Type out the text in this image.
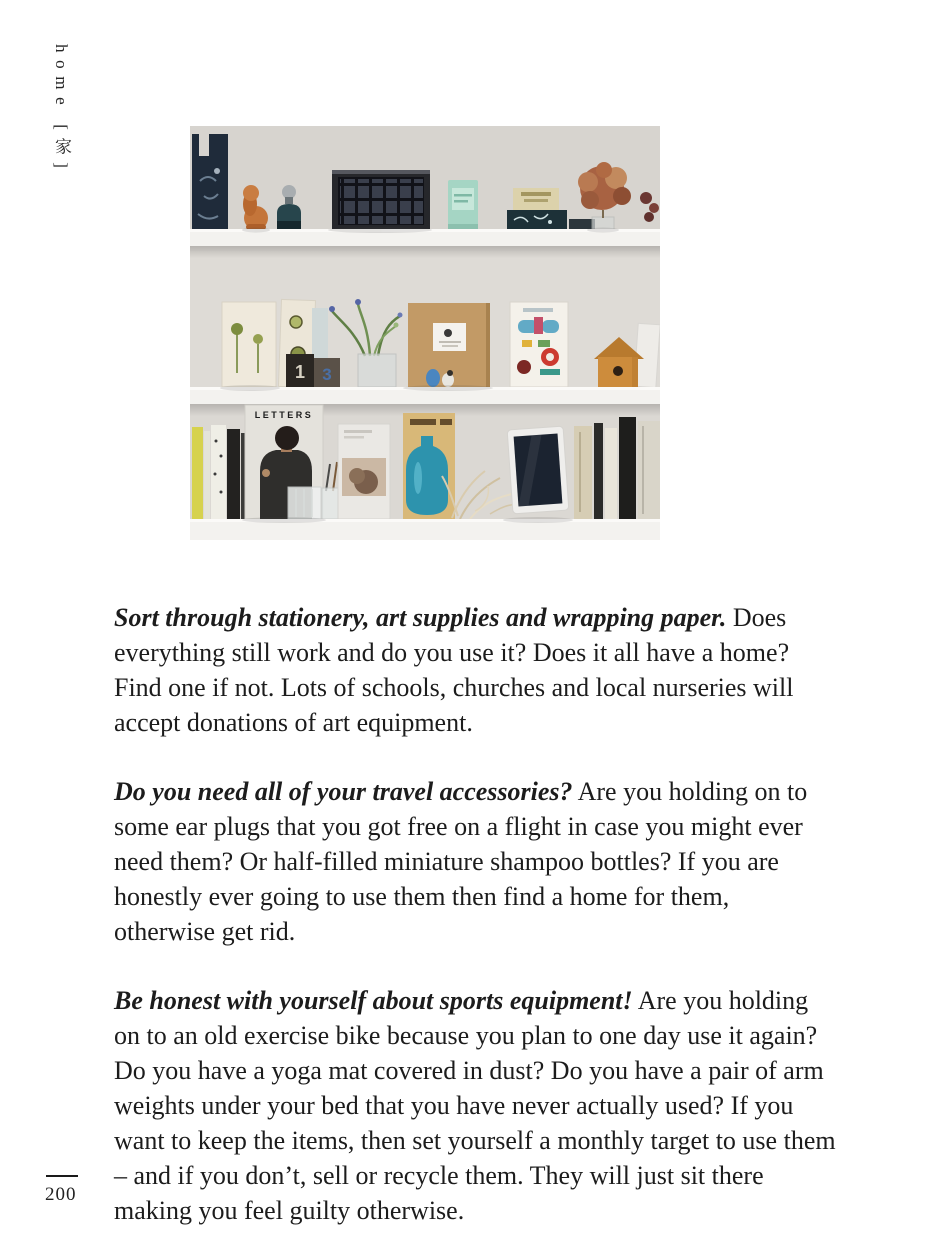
home [家]
1 3
LETTERS

Sort through stationery, art supplies and wrapping paper. Does everything still work and do you use it? Does it all have a home? Find one if not. Lots of schools, churches and local nurseries will accept donations of art equipment.

Do you need all of your travel accessories? Are you holding on to some ear plugs that you got free on a flight in case you might ever need them? Or half-filled miniature shampoo bottles? If you are honestly ever going to use them then find a home for them, otherwise get rid.

Be honest with yourself about sports equipment! Are you holding on to an old exercise bike because you plan to one day use it again? Do you have a yoga mat covered in dust? Do you have a pair of arm weights under your bed that you have never actually used? If you want to keep the items, then set yourself a monthly target to use them – and if you don’t, sell or recycle them. They will just sit there making you feel guilty otherwise.

200
